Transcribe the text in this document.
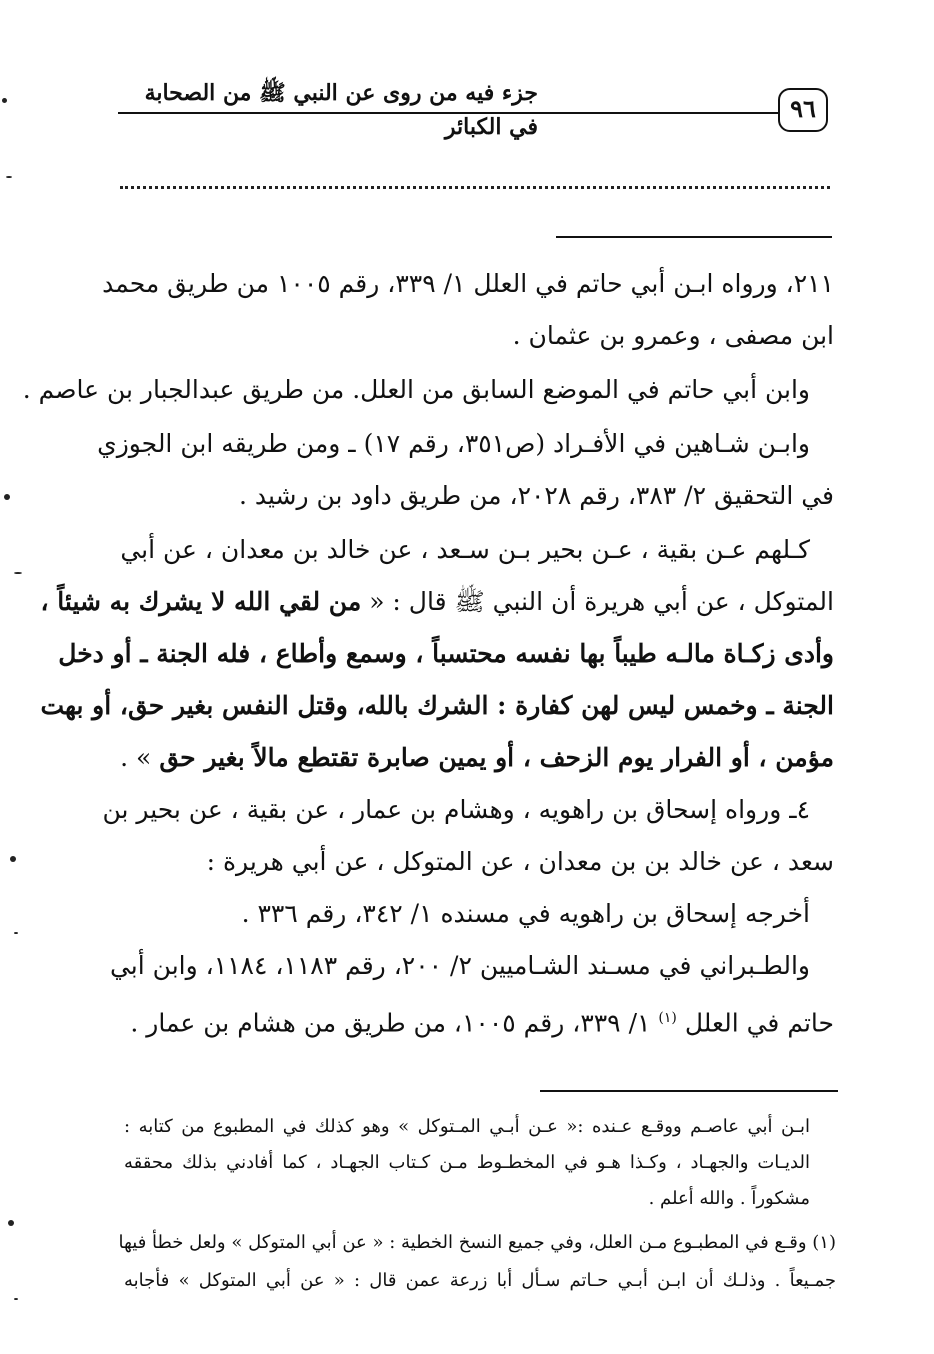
جزء فيه من روى عن النبي ﷺ من الصحابة في الكبائر
٩٦
٢١١، ورواه ابـن أبي حاتم في العلل ١/ ٣٣٩، رقم ١٠٠٥ من طريق محمد
ابن مصفى ، وعمرو بن عثمان .
وابن أبي حاتم في الموضع السابق من العلل. من طريق عبدالجبار بن عاصم .
وابـن شـاهين في الأفـراد (ص٣٥١، رقم ١٧) ـ ومن طريقه ابن الجوزي
في التحقيق ٢/ ٣٨٣، رقم ٢٠٢٨، من طريق داود بن رشيد .
كـلهم عـن بقية ، عـن بحير بـن سـعد ، عن خالد بن معدان ، عن أبي
المتوكل ، عن أبي هريرة أن النبي ﷺ قال : « من لقي الله لا يشرك به شيئاً ،
وأدى زكـاة مالـه طيباً بها نفسه محتسباً ، وسمع وأطاع ، فله الجنة ـ أو دخل
الجنة ـ وخمس ليس لهن كفارة : الشرك بالله، وقتل النفس بغير حق، أو بهت
مؤمن ، أو الفرار يوم الزحف ، أو يمين صابرة تقتطع مالاً بغير حق » .
٤ـ ورواه إسحاق بن راهويه ، وهشام بن عمار ، عن بقية ، عن بحير بن
سعد ، عن خالد بن بن معدان ، عن المتوكل ، عن أبي هريرة :
أخرجه إسحاق بن راهويه في مسنده ١/ ٣٤٢، رقم ٣٣٦ .
والطـبراني في مسـند الشـاميين ٢/ ٢٠٠، رقم ١١٨٣، ١١٨٤، وابن أبي
حاتم في العلل $^{(١)}$ ١/ ٣٣٩، رقم ١٠٠٥، من طريق من هشام بن عمار .
ابـن أبي عاصـم ووقـع عـنده :« عـن أبـي المـتوكل » وهو كذلك في المطبوع من كتابه :
الديـات والجهـاد ، وكـذا هـو في المخطـوط مـن كـتاب الجهـاد ، كما أفادني بذلك محققه
مشكوراً . والله أعلم .
(١) وقـع في المطبـوع مـن العلل، وفي جميع النسخ الخطية : « عن أبي المتوكل » ولعل خطأ فيها
جمـيعاً . وذلـك أن ابـن أبـي حـاتم سـأل أبا زرعة عمن قال : « عن أبي المتوكل » فأجابه
